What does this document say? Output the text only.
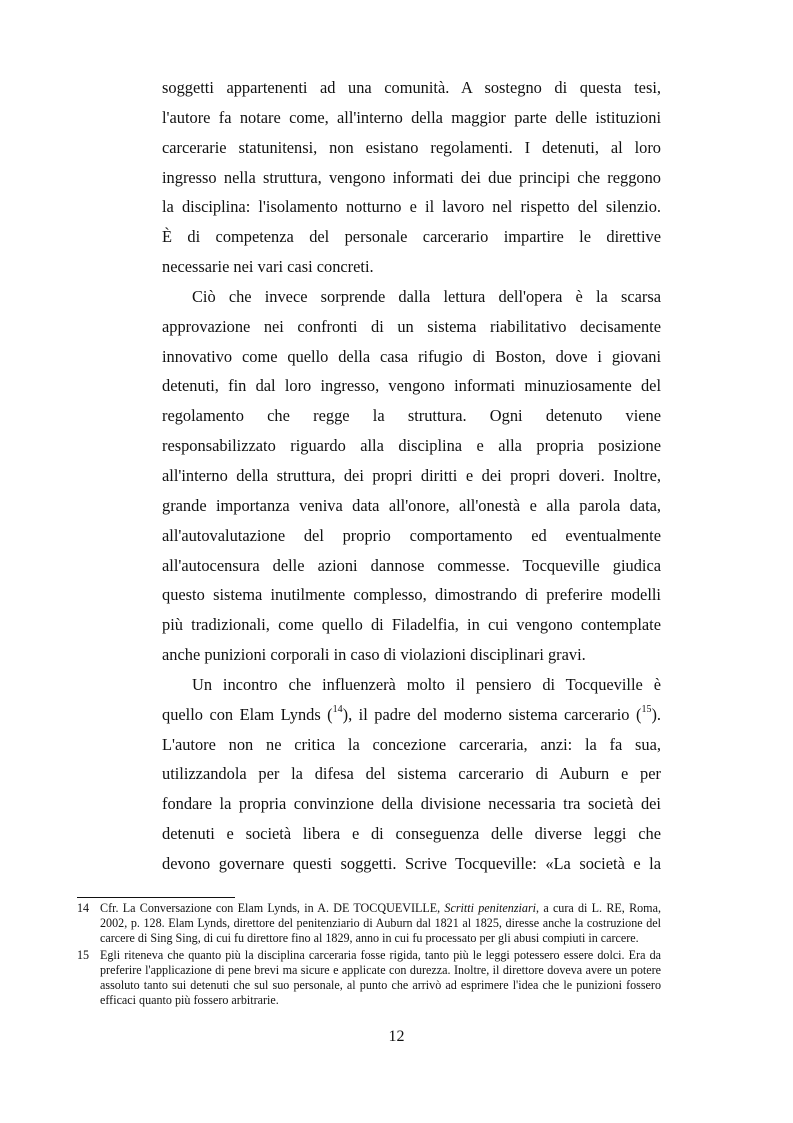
soggetti appartenenti ad una comunità. A sostegno di questa tesi,
l'autore fa notare come, all'interno della maggior parte delle istituzioni
carcerarie statunitensi, non esistano regolamenti. I detenuti, al loro
ingresso nella struttura, vengono informati dei due principi che reggono
la disciplina: l'isolamento notturno e il lavoro nel rispetto del silenzio.
È di competenza del personale carcerario impartire le direttive
necessarie nei vari casi concreti.
Ciò che invece sorprende dalla lettura dell'opera è la scarsa
approvazione nei confronti di un sistema riabilitativo decisamente
innovativo come quello della casa rifugio di Boston, dove i giovani
detenuti, fin dal loro ingresso, vengono informati minuziosamente del
regolamento che regge la struttura. Ogni detenuto viene
responsabilizzato riguardo alla disciplina e alla propria posizione
all'interno della struttura, dei propri diritti e dei propri doveri. Inoltre,
grande importanza veniva data all'onore, all'onestà e alla parola data,
all'autovalutazione del proprio comportamento ed eventualmente
all'autocensura delle azioni dannose commesse. Tocqueville giudica
questo sistema inutilmente complesso, dimostrando di preferire modelli
più tradizionali, come quello di Filadelfia, in cui vengono contemplate
anche punizioni corporali in caso di violazioni disciplinari gravi.
Un incontro che influenzerà molto il pensiero di Tocqueville è
quello con Elam Lynds ($^{14}$), il padre del moderno sistema carcerario ($^{15}$).
L'autore non ne critica la concezione carceraria, anzi: la fa sua,
utilizzandola per la difesa del sistema carcerario di Auburn e per
fondare la propria convinzione della divisione necessaria tra società dei
detenuti e società libera e di conseguenza delle diverse leggi che
devono governare questi soggetti. Scrive Tocqueville: «La società e la
14 Cfr. La Conversazione con Elam Lynds, in A. DE TOCQUEVILLE, Scritti penitenziari, a cura di L. RE, Roma,
2002, p. 128. Elam Lynds, direttore del penitenziario di Auburn dal 1821 al 1825, diresse anche la costruzione del
carcere di Sing Sing, di cui fu direttore fino al 1829, anno in cui fu processato per gli abusi compiuti in carcere.
15 Egli riteneva che quanto più la disciplina carceraria fosse rigida, tanto più le leggi potessero essere dolci. Era da
preferire l'applicazione di pene brevi ma sicure e applicate con durezza. Inoltre, il direttore doveva avere un potere
assoluto tanto sui detenuti che sul suo personale, al punto che arrivò ad esprimere l'idea che le punizioni fossero
efficaci quanto più fossero arbitrarie.
12
